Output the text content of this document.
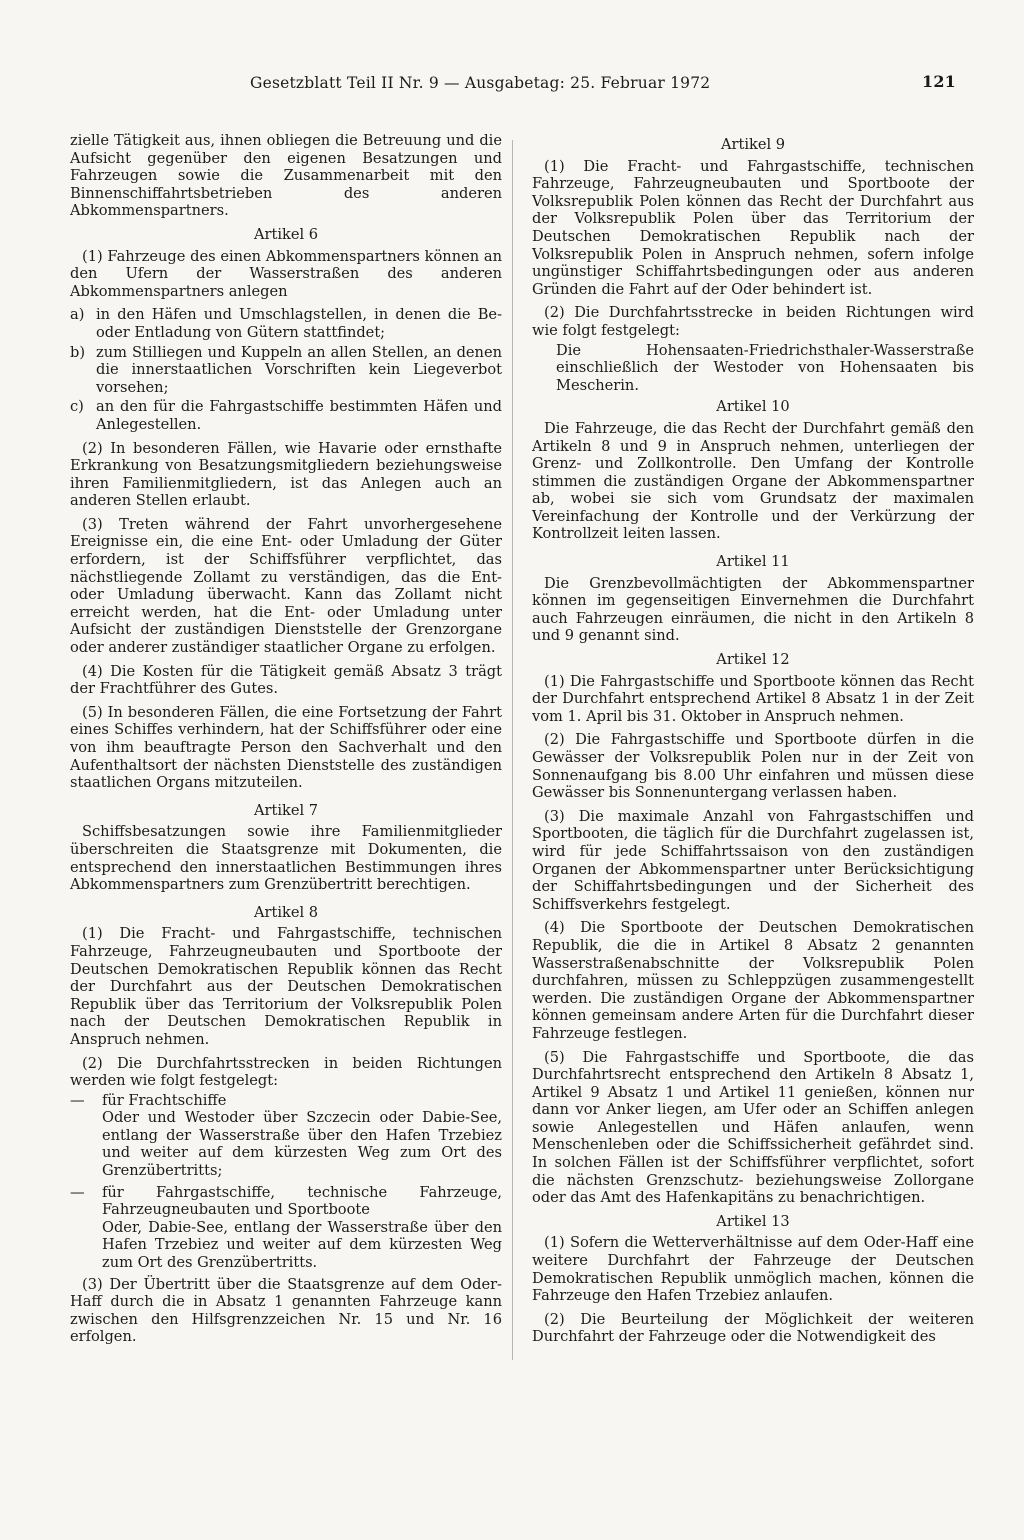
Gesetzblatt Teil II Nr. 9 — Ausgabetag: 25. Februar 1972	121

zielle Tätigkeit aus, ihnen obliegen die Betreuung und die Aufsicht gegenüber den eigenen Besatzungen und Fahrzeugen sowie die Zusammenarbeit mit den Binnenschiffahrtsbetrieben des anderen Abkommenspartners.

Artikel 6

(1) Fahrzeuge des einen Abkommenspartners können an den Ufern der Wasserstraßen des anderen Abkommenspartners anlegen

a) in den Häfen und Umschlagstellen, in denen die Be- oder Entladung von Gütern stattfindet;
b) zum Stilliegen und Kuppeln an allen Stellen, an denen die innerstaatlichen Vorschriften kein Liegeverbot vorsehen;
c) an den für die Fahrgastschiffe bestimmten Häfen und Anlegestellen.

(2) In besonderen Fällen, wie Havarie oder ernsthafte Erkrankung von Besatzungsmitgliedern beziehungsweise ihren Familienmitgliedern, ist das Anlegen auch an anderen Stellen erlaubt.

(3) Treten während der Fahrt unvorhergesehene Ereignisse ein, die eine Ent- oder Umladung der Güter erfordern, ist der Schiffsführer verpflichtet, das nächstliegende Zollamt zu verständigen, das die Ent- oder Umladung überwacht. Kann das Zollamt nicht erreicht werden, hat die Ent- oder Umladung unter Aufsicht der zuständigen Dienststelle der Grenzorgane oder anderer zuständiger staatlicher Organe zu erfolgen.

(4) Die Kosten für die Tätigkeit gemäß Absatz 3 trägt der Frachtführer des Gutes.

(5) In besonderen Fällen, die eine Fortsetzung der Fahrt eines Schiffes verhindern, hat der Schiffsführer oder eine von ihm beauftragte Person den Sachverhalt und den Aufenthaltsort der nächsten Dienststelle des zuständigen staatlichen Organs mitzuteilen.

Artikel 7

Schiffsbesatzungen sowie ihre Familienmitglieder überschreiten die Staatsgrenze mit Dokumenten, die entsprechend den innerstaatlichen Bestimmungen ihres Abkommenspartners zum Grenzübertritt berechtigen.

Artikel 8

(1) Die Fracht- und Fahrgastschiffe, technischen Fahrzeuge, Fahrzeugneubauten und Sportboote der Deutschen Demokratischen Republik können das Recht der Durchfahrt aus der Deutschen Demokratischen Republik über das Territorium der Volksrepublik Polen nach der Deutschen Demokratischen Republik in Anspruch nehmen.

(2) Die Durchfahrtsstrecken in beiden Richtungen werden wie folgt festgelegt:

—	für Frachtschiffe

Oder und Westoder über Szczecin oder Dabie-See, entlang der Wasserstraße über den Hafen Trzebiez und weiter auf dem kürzesten Weg zum Ort des Grenzübertritts;

—	für Fahrgastschiffe, technische Fahrzeuge, Fahrzeugneubauten und Sportboote

Oder, Dabie-See, entlang der Wasserstraße über den Hafen Trzebiez und weiter auf dem kürzesten Weg zum Ort des Grenzübertritts.

(3) Der Übertritt über die Staatsgrenze auf dem Oder-Haff durch die in Absatz 1 genannten Fahrzeuge kann zwischen den Hilfsgrenzzeichen Nr. 15 und Nr. 16 erfolgen.

Artikel 9

(1) Die Fracht- und Fahrgastschiffe, technischen Fahrzeuge, Fahrzeugneubauten und Sportboote der Volksrepublik Polen können das Recht der Durchfahrt aus der Volksrepublik Polen über das Territorium der Deutschen Demokratischen Republik nach der Volksrepublik Polen in Anspruch nehmen, sofern infolge ungünstiger Schiffahrtsbedingungen oder aus anderen Gründen die Fahrt auf der Oder behindert ist.

(2) Die Durchfahrtsstrecke in beiden Richtungen wird wie folgt festgelegt:

Die Hohensaaten-Friedrichsthaler-Wasserstraße einschließlich der Westoder von Hohensaaten bis Mescherin.

Artikel 10

Die Fahrzeuge, die das Recht der Durchfahrt gemäß den Artikeln 8 und 9 in Anspruch nehmen, unterliegen der Grenz- und Zollkontrolle. Den Umfang der Kontrolle stimmen die zuständigen Organe der Abkommenspartner ab, wobei sie sich vom Grundsatz der maximalen Vereinfachung der Kontrolle und der Verkürzung der Kontrollzeit leiten lassen.

Artikel 11

Die Grenzbevollmächtigten der Abkommenspartner können im gegenseitigen Einvernehmen die Durchfahrt auch Fahrzeugen einräumen, die nicht in den Artikeln 8 und 9 genannt sind.

Artikel 12

(1) Die Fahrgastschiffe und Sportboote können das Recht der Durchfahrt entsprechend Artikel 8 Absatz 1 in der Zeit vom 1. April bis 31. Oktober in Anspruch nehmen.

(2) Die Fahrgastschiffe und Sportboote dürfen in die Gewässer der Volksrepublik Polen nur in der Zeit von Sonnenaufgang bis 8.00 Uhr einfahren und müssen diese Gewässer bis Sonnenuntergang verlassen haben.

(3) Die maximale Anzahl von Fahrgastschiffen und Sportbooten, die täglich für die Durchfahrt zugelassen ist, wird für jede Schiffahrtssaison von den zuständigen Organen der Abkommenspartner unter Berücksichtigung der Schiffahrtsbedingungen und der Sicherheit des Schiffsverkehrs festgelegt.

(4) Die Sportboote der Deutschen Demokratischen Republik, die die in Artikel 8 Absatz 2 genannten Wasserstraßenabschnitte der Volksrepublik Polen durchfahren, müssen zu Schleppzügen zusammengestellt werden. Die zuständigen Organe der Abkommenspartner können gemeinsam andere Arten für die Durchfahrt dieser Fahrzeuge festlegen.

(5) Die Fahrgastschiffe und Sportboote, die das Durchfahrtsrecht entsprechend den Artikeln 8 Absatz 1, Artikel 9 Absatz 1 und Artikel 11 genießen, können nur dann vor Anker liegen, am Ufer oder an Schiffen anlegen sowie Anlegestellen und Häfen anlaufen, wenn Menschenleben oder die Schiffssicherheit gefährdet sind. In solchen Fällen ist der Schiffsführer verpflichtet, sofort die nächsten Grenzschutz- beziehungsweise Zollorgane oder das Amt des Hafenkapitäns zu benachrichtigen.

Artikel 13

(1) Sofern die Wetterverhältnisse auf dem Oder-Haff eine weitere Durchfahrt der Fahrzeuge der Deutschen Demokratischen Republik unmöglich machen, können die Fahrzeuge den Hafen Trzebiez anlaufen.

(2) Die Beurteilung der Möglichkeit der weiteren Durchfahrt der Fahrzeuge oder die Notwendigkeit des
